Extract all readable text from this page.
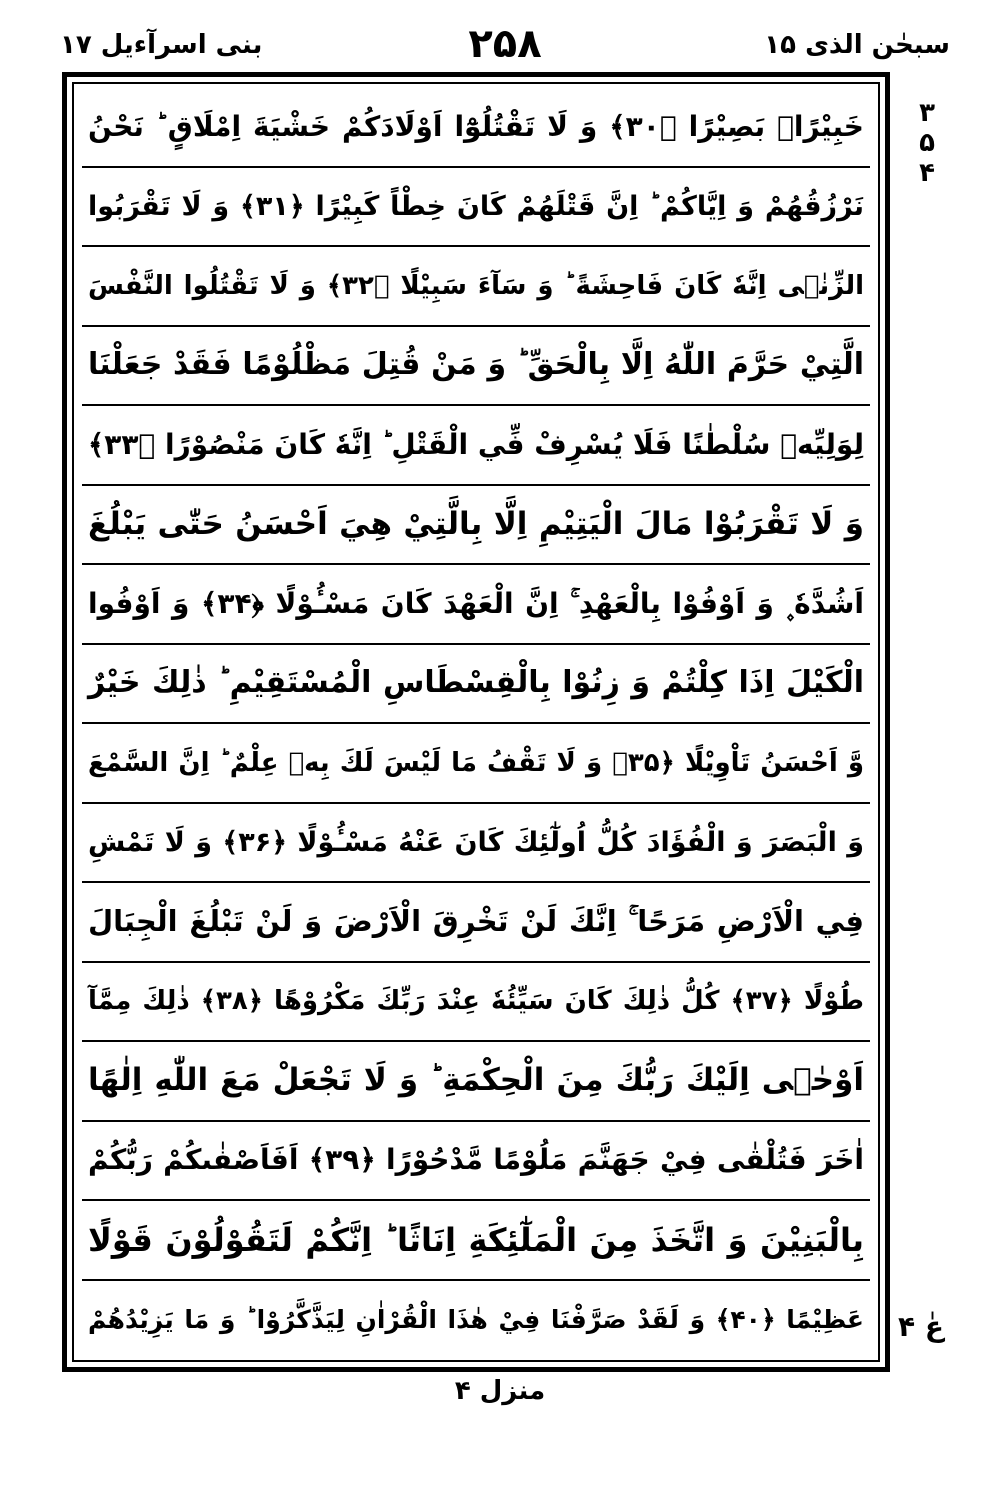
بنی اسرآءیل ۱۷	۲۵۸	سبحٰن الذی ۱۵
۳۵۴
عٰ ۴
خَبِيْرًاۢ بَصِيْرًا ﴿۳۰﴾ وَ لَا تَقْتُلُوْٓا اَوْلَادَكُمْ خَشْيَةَ اِمْلَاقٍ ؕ نَحْنُ
نَرْزُقُهُمْ وَ اِيَّاكُمْ ؕ اِنَّ قَتْلَهُمْ كَانَ خِطْاً كَبِيْرًا ﴿۳۱﴾ وَ لَا تَقْرَبُوا
الزِّنٰۤى اِنَّهٗ كَانَ فَاحِشَةً ؕ وَ سَآءَ سَبِيْلًا ﴿۳۲﴾ وَ لَا تَقْتُلُوا النَّفْسَ
الَّتِيْ حَرَّمَ اللّٰهُ اِلَّا بِالْحَقِّ ؕ وَ مَنْ قُتِلَ مَظْلُوْمًا فَقَدْ جَعَلْنَا
لِوَلِيِّهٖ سُلْطٰنًا فَلَا يُسْرِفْ فِّي الْقَتْلِ ؕ اِنَّهٗ كَانَ مَنْصُوْرًا ﴿۳۳﴾
وَ لَا تَقْرَبُوْا مَالَ الْيَتِيْمِ اِلَّا بِالَّتِيْ هِيَ اَحْسَنُ حَتّٰى يَبْلُغَ
اَشُدَّهٗ ۪ وَ اَوْفُوْا بِالْعَهْدِ ۚ اِنَّ الْعَهْدَ كَانَ مَسْـُٔوْلًا ﴿۳۴﴾ وَ اَوْفُوا
الْكَيْلَ اِذَا كِلْتُمْ وَ زِنُوْا بِالْقِسْطَاسِ الْمُسْتَقِيْمِ ؕ ذٰلِكَ خَيْرٌ
وَّ اَحْسَنُ تَاْوِيْلًا ﴿۳۵﴾ وَ لَا تَقْفُ مَا لَيْسَ لَكَ بِهٖ عِلْمٌ ؕ اِنَّ السَّمْعَ
وَ الْبَصَرَ وَ الْفُؤَادَ كُلُّ اُولٰٓئِكَ كَانَ عَنْهُ مَسْـُٔوْلًا ﴿۳۶﴾ وَ لَا تَمْشِ
فِي الْاَرْضِ مَرَحًا ۚ اِنَّكَ لَنْ تَخْرِقَ الْاَرْضَ وَ لَنْ تَبْلُغَ الْجِبَالَ
طُوْلًا ﴿۳۷﴾ كُلُّ ذٰلِكَ كَانَ سَيِّئُهٗ عِنْدَ رَبِّكَ مَكْرُوْهًا ﴿۳۸﴾ ذٰلِكَ مِمَّآ
اَوْحٰۤى اِلَيْكَ رَبُّكَ مِنَ الْحِكْمَةِ ؕ وَ لَا تَجْعَلْ مَعَ اللّٰهِ اِلٰهًا
اٰخَرَ فَتُلْقٰى فِيْ جَهَنَّمَ مَلُوْمًا مَّدْحُوْرًا ﴿۳۹﴾ اَفَاَصْفٰىكُمْ رَبُّكُمْ
بِالْبَنِيْنَ وَ اتَّخَذَ مِنَ الْمَلٰٓئِكَةِ اِنَاثًا ؕ اِنَّكُمْ لَتَقُوْلُوْنَ قَوْلًا
عَظِيْمًا ﴿۴۰﴾ وَ لَقَدْ صَرَّفْنَا فِيْ هٰذَا الْقُرْاٰنِ لِيَذَّكَّرُوْا ؕ وَ مَا يَزِيْدُهُمْ
منزل ۴
